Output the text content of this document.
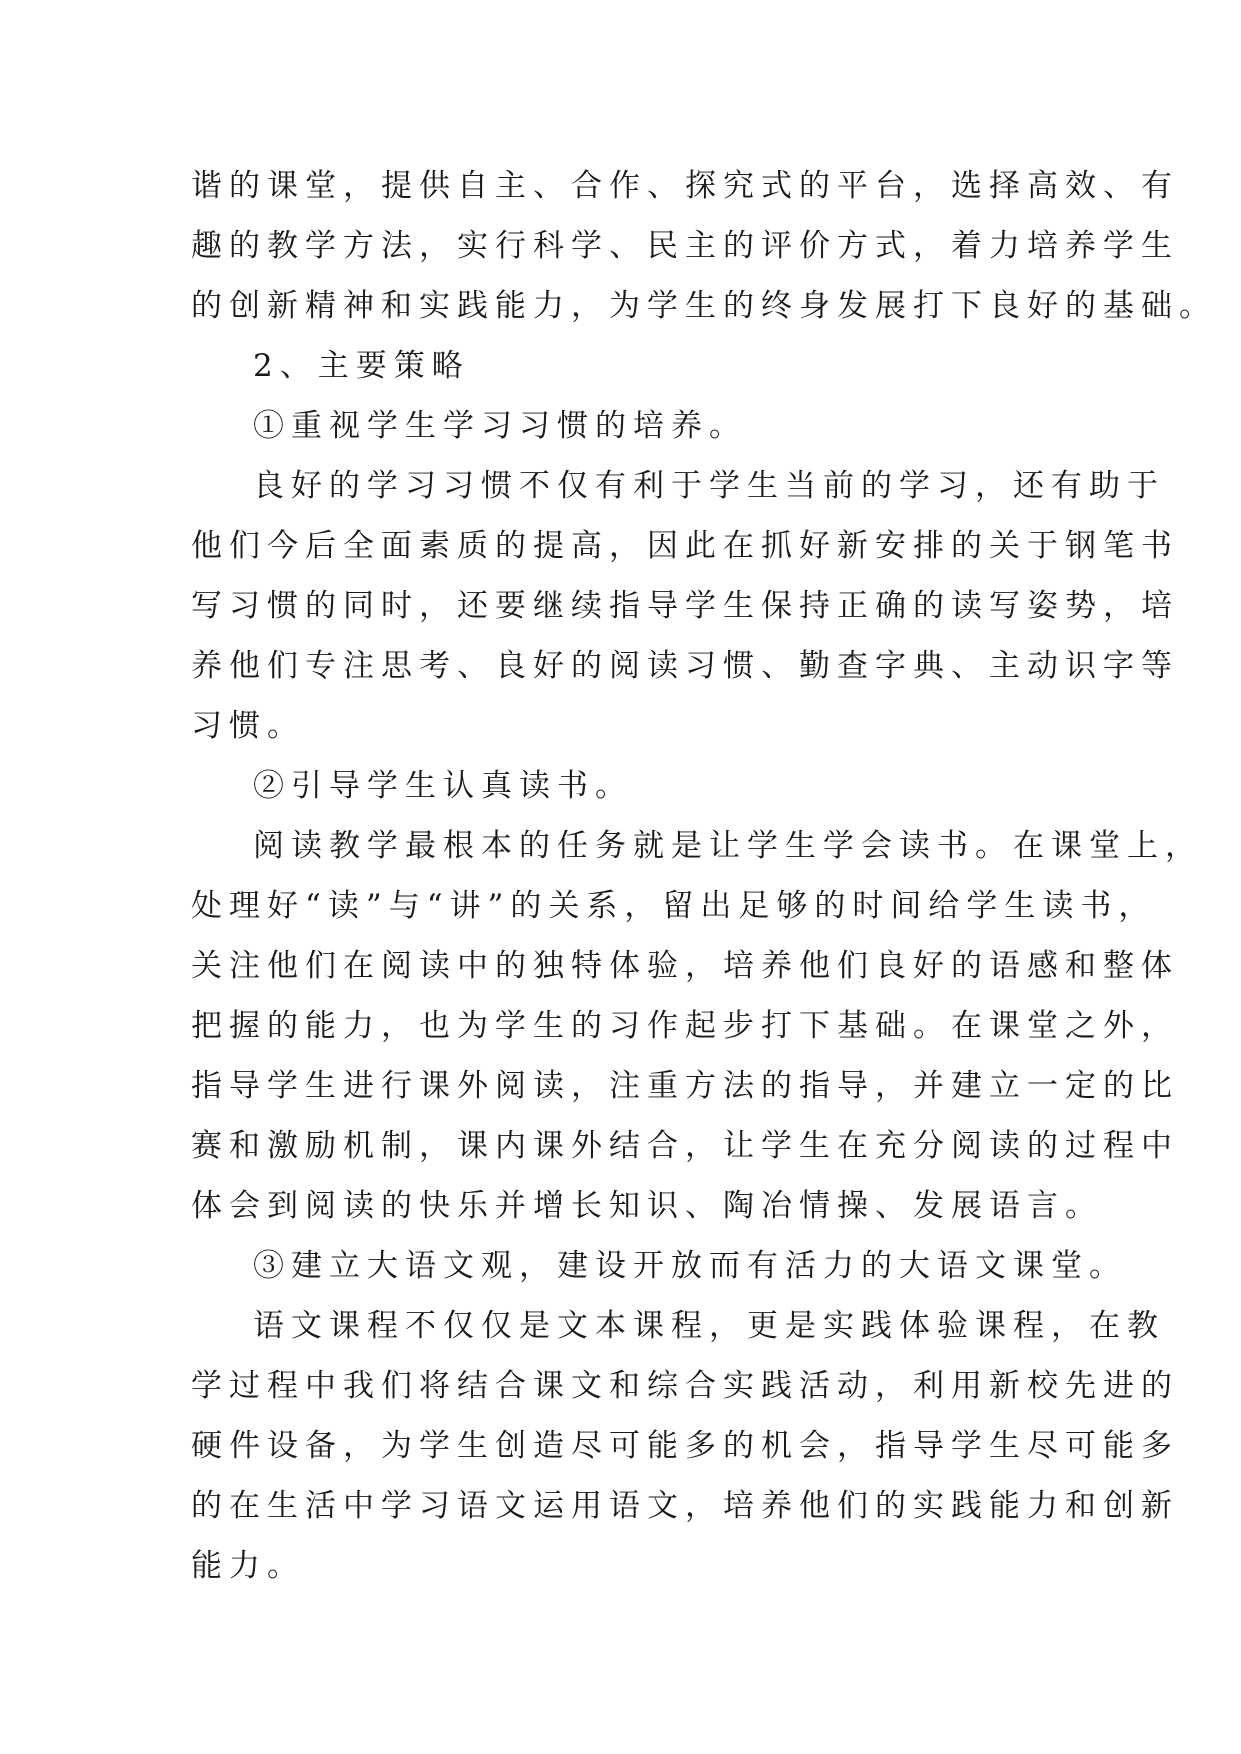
谐的课堂，提供自主、合作、探究式的平台，选择高效、有
趣的教学方法，实行科学、民主的评价方式，着力培养学生
的创新精神和实践能力，为学生的终身发展打下良好的基础。
2、主要策略
①重视学生学习习惯的培养。
良好的学习习惯不仅有利于学生当前的学习，还有助于
他们今后全面素质的提高，因此在抓好新安排的关于钢笔书
写习惯的同时，还要继续指导学生保持正确的读写姿势，培
养他们专注思考、良好的阅读习惯、勤查字典、主动识字等
习惯。
②引导学生认真读书。
阅读教学最根本的任务就是让学生学会读书。在课堂上，
处理好“读”与“讲”的关系，留出足够的时间给学生读书，
关注他们在阅读中的独特体验，培养他们良好的语感和整体
把握的能力，也为学生的习作起步打下基础。在课堂之外，
指导学生进行课外阅读，注重方法的指导，并建立一定的比
赛和激励机制，课内课外结合，让学生在充分阅读的过程中
体会到阅读的快乐并增长知识、陶冶情操、发展语言。
③建立大语文观，建设开放而有活力的大语文课堂。
语文课程不仅仅是文本课程，更是实践体验课程，在教
学过程中我们将结合课文和综合实践活动，利用新校先进的
硬件设备，为学生创造尽可能多的机会，指导学生尽可能多
的在生活中学习语文运用语文，培养他们的实践能力和创新
能力。
